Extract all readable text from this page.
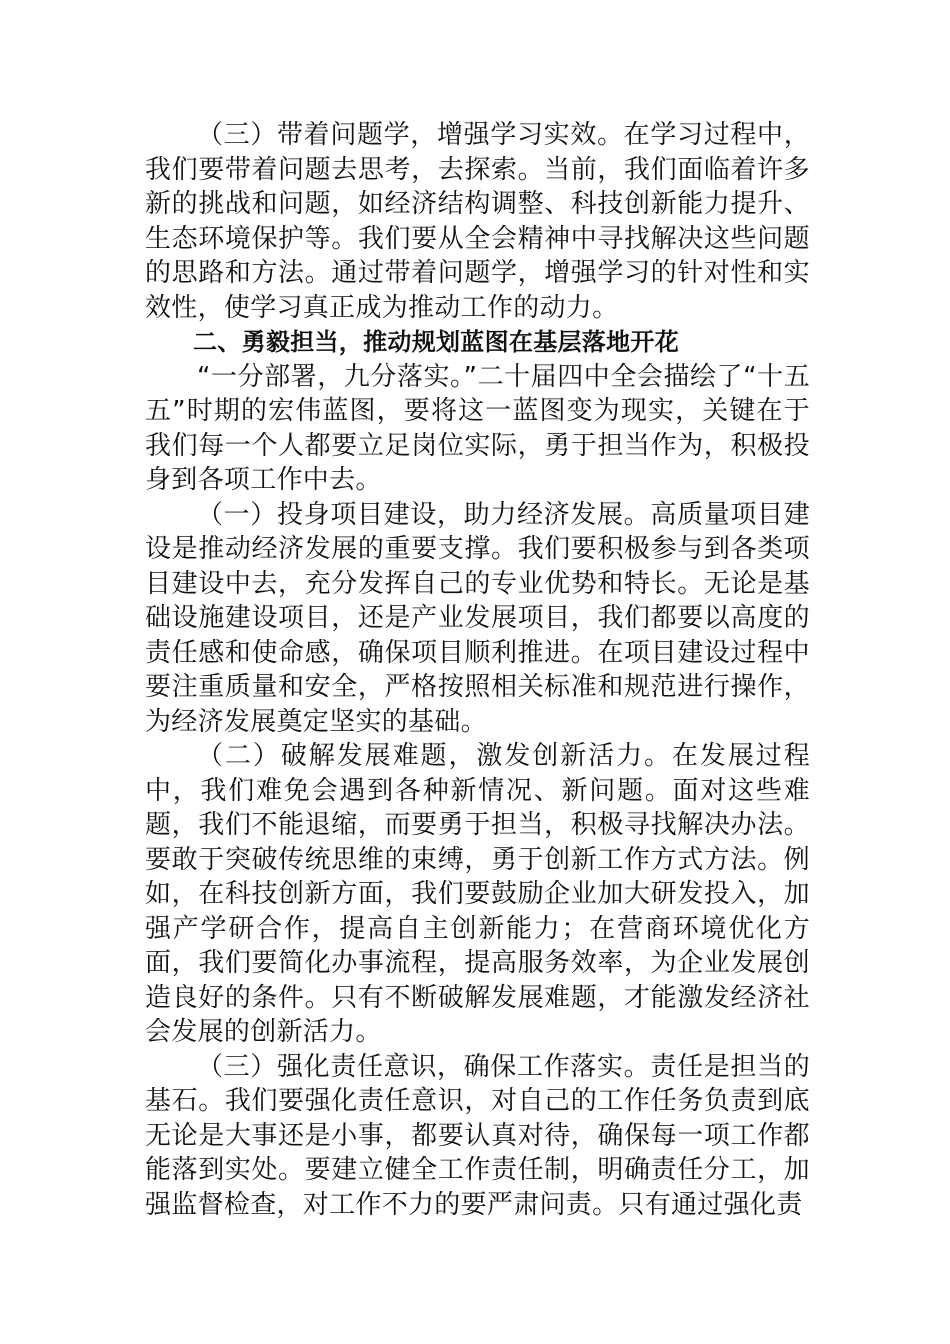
（三）带着问题学，增强学习实效。在学习过程中，我们要带着问题去思考，去探索。当前，我们面临着许多新的挑战和问题，如经济结构调整、科技创新能力提升、生态环境保护等。我们要从全会精神中寻找解决这些问题的思路和方法。通过带着问题学，增强学习的针对性和实效性，使学习真正成为推动工作的动力。

二、勇毅担当，推动规划蓝图在基层落地开花

“一分部署，九分落实。”二十届四中全会描绘了“十五五”时期的宏伟蓝图，要将这一蓝图变为现实，关键在于我们每一个人都要立足岗位实际，勇于担当作为，积极投身到各项工作中去。

（一）投身项目建设，助力经济发展。高质量项目建设是推动经济发展的重要支撑。我们要积极参与到各类项目建设中去，充分发挥自己的专业优势和特长。无论是基础设施建设项目，还是产业发展项目，我们都要以高度的责任感和使命感，确保项目顺利推进。在项目建设过程中要注重质量和安全，严格按照相关标准和规范进行操作，为经济发展奠定坚实的基础。

（二）破解发展难题，激发创新活力。在发展过程中，我们难免会遇到各种新情况、新问题。面对这些难题，我们不能退缩，而要勇于担当，积极寻找解决办法。要敢于突破传统思维的束缚，勇于创新工作方式方法。例如，在科技创新方面，我们要鼓励企业加大研发投入，加强产学研合作，提高自主创新能力；在营商环境优化方面，我们要简化办事流程，提高服务效率，为企业发展创造良好的条件。只有不断破解发展难题，才能激发经济社会发展的创新活力。

（三）强化责任意识，确保工作落实。责任是担当的基石。我们要强化责任意识，对自己的工作任务负责到底无论是大事还是小事，都要认真对待，确保每一项工作都能落到实处。要建立健全工作责任制，明确责任分工，加强监督检查，对工作不力的要严肃问责。只有通过强化责
